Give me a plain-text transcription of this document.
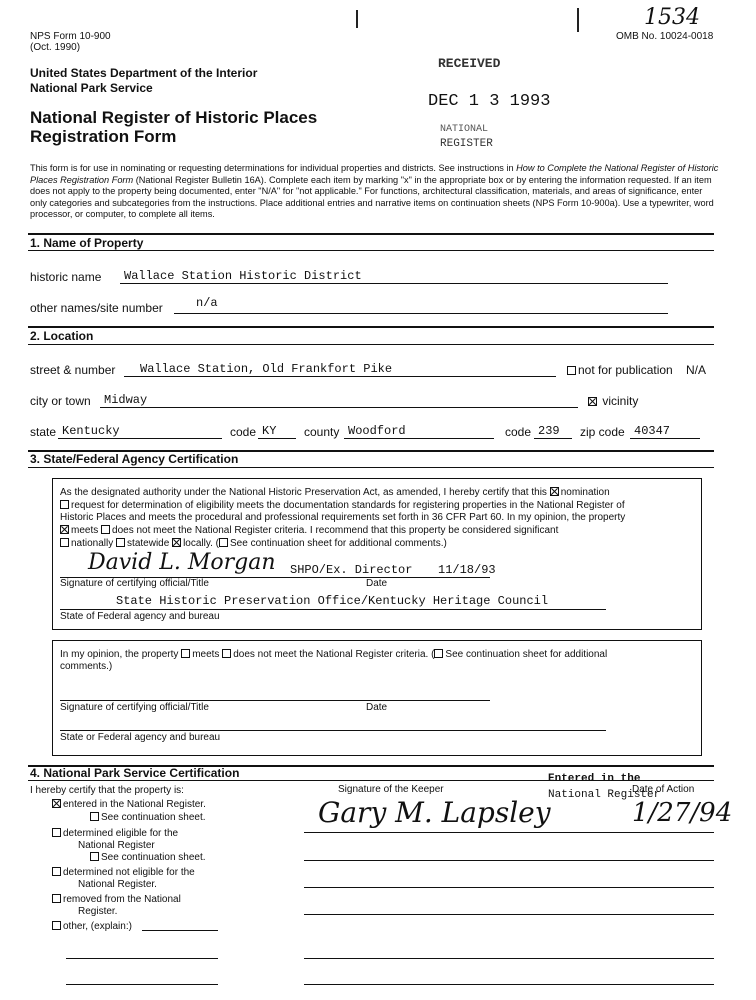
NPS Form 10-900
(Oct. 1990)
OMB No. 10024-0018
1534
United States Department of the Interior
National Park Service
National Register of Historic Places
Registration Form
RECEIVED
DEC 1 3 1993
NATIONAL
REGISTER
This form is for use in nominating or requesting determinations for individual properties and districts. See instructions in How to Complete the National Register of Historic Places Registration Form (National Register Bulletin 16A). Complete each item by marking "x" in the appropriate box or by entering the information requested. If an item does not apply to the property being documented, enter "N/A" for "not applicable." For functions, architectural classification, materials, and areas of significance, enter only categories and subcategories from the instructions. Place additional entries and narrative items on continuation sheets (NPS Form 10-900a). Use a typewriter, word processor, or computer, to complete all items.
1. Name of Property
historic name Wallace Station Historic District
other names/site number	n/a
2. Location
street & number Wallace Station, Old Frankfort Pike	not for publication N/A
city or town Midway	vicinity
state Kentucky	code KY county Woodford	code 239 zip code 40347
3. State/Federal Agency Certification
As the designated authority under the National Historic Preservation Act, as amended, I hereby certify that this nomination
request for determination of eligibility meets the documentation standards for registering properties in the National Register of
Historic Places and meets the procedural and professional requirements set forth in 36 CFR Part 60. In my opinion, the property
meets does not meet the National Register criteria. I recommend that this property be considered significant
nationally statewide locally. ( See continuation sheet for additional comments.)
David L. Morgan SHPO/Ex. Director 11/18/93
Signature of certifying official/Title	Date
State Historic Preservation Office/Kentucky Heritage Council
State of Federal agency and bureau
In my opinion, the property meets does not meet the National Register criteria. ( See continuation sheet for additional
comments.)
Signature of certifying official/Title	Date
State or Federal agency and bureau
4. National Park Service Certification
I hereby certify that the property is:
entered in the National Register.
See continuation sheet.
determined eligible for the
National Register
See continuation sheet.
determined not eligible for the
National Register.
removed from the National
Register.
other, (explain:)
Signature of the Keeper	Date of Action
Entered in the
National Register
Gary M. Lapsley	1/27/94
